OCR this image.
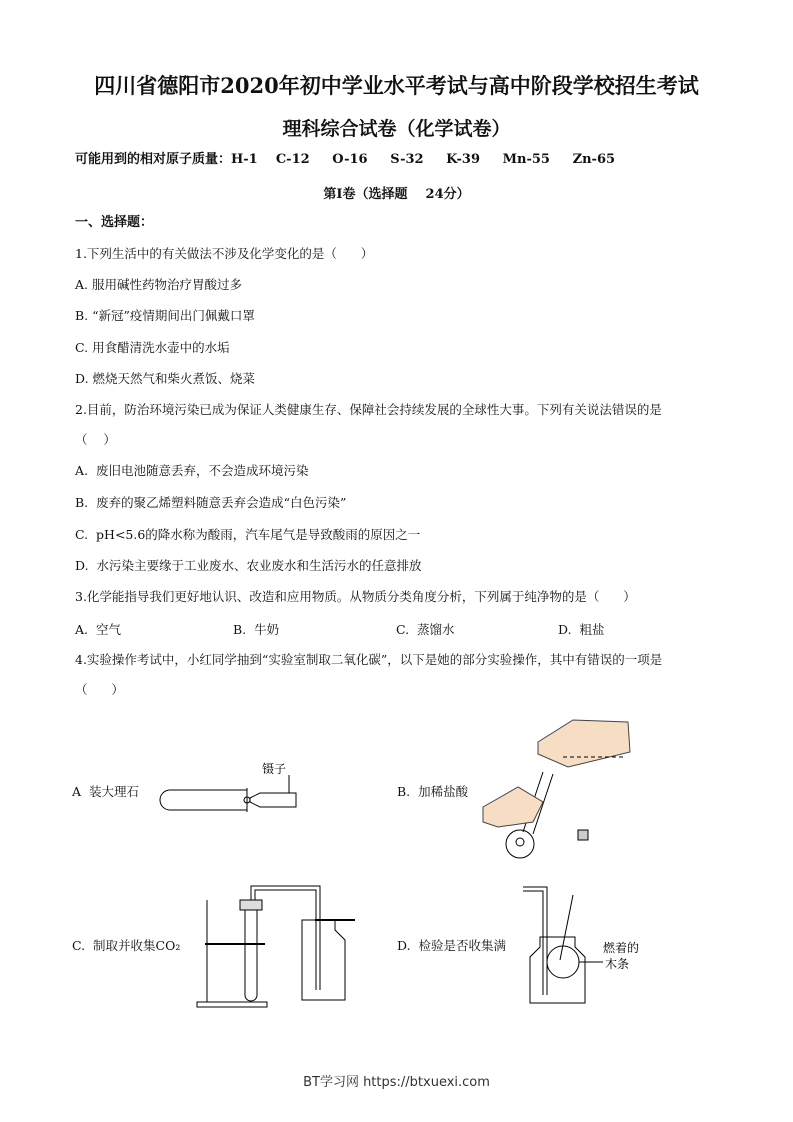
四川省德阳市2020年初中学业水平考试与高中阶段学校招生考试
理科综合试卷（化学试卷）
可能用到的相对原子质量：H-1    C-12     O-16     S-32     K-39     Mn-55     Zn-65
第Ⅰ卷（选择题    24分）
一、选择题：
1.下列生活中的有关做法不涉及化学变化的是（      ）
A. 服用碱性药物治疗胃酸过多
B. “新冠”疫情期间出门佩戴口罩
C. 用食醋清洗水壶中的水垢
D. 燃烧天然气和柴火煮饭、烧菜
2.目前，防治环境污染已成为保证人类健康生存、保障社会持续发展的全球性大事。下列有关说法错误的是
（    ）
A.  废旧电池随意丢弃，不会造成环境污染
B.  废弃的聚乙烯塑料随意丢弃会造成“白色污染”
C.  pH<5.6的降水称为酸雨，汽车尾气是导致酸雨的原因之一
D.  水污染主要缘于工业废水、农业废水和生活污水的任意排放
3.化学能指导我们更好地认识、改造和应用物质。从物质分类角度分析，下列属于纯净物的是（      ）
A.  空气	B.  牛奶	C.  蒸馏水	D.  粗盐
4.实验操作考试中，小红同学抽到“实验室制取二氧化碳”，以下是她的部分实验操作，其中有错误的一项是
（      ）
A  装大理石	B.  加稀盐酸
C.  制取并收集CO₂	D.  检验是否收集满
镊子
燃着的
木条
BT学习网 https://btxuexi.com
